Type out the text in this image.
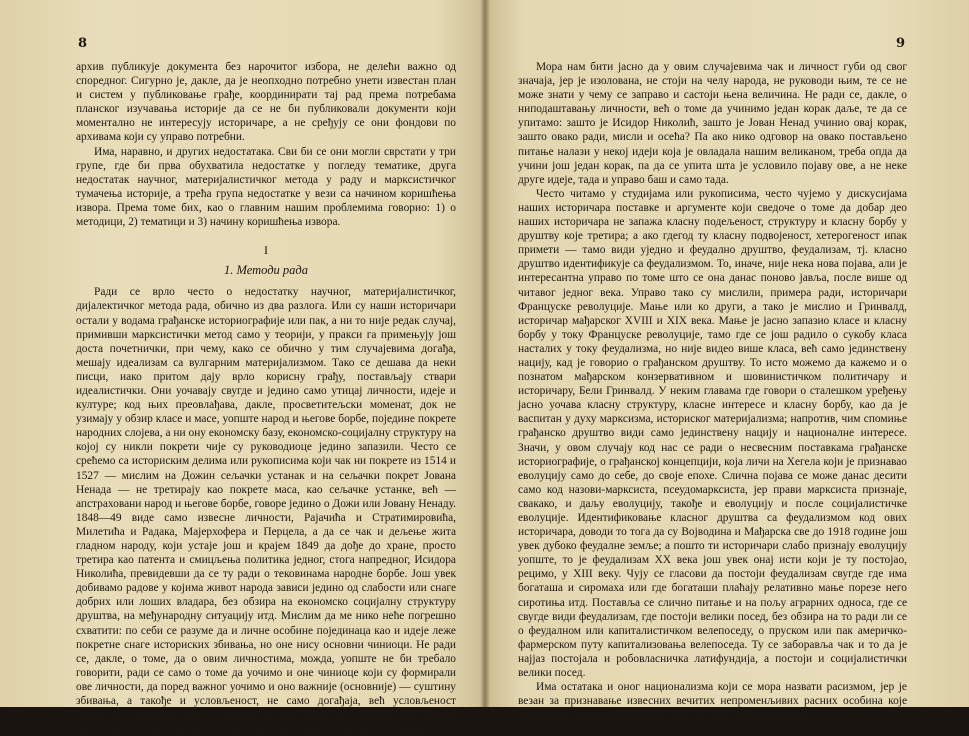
8

архив публикује документа без нарочитог избора, не делећи важно од споредног. Сигурно је, дакле, да је неопходно потребно унети известан план и систем у публиковање грађе, координирати тај рад према потребама планског изучавања историје да се не би публиковали документи који моментално не интересују историчаре, а не сређују се они фондови по архивама који су управо потребни.

Има, наравно, и других недостатака. Сви би се они могли сврстати у три групе, где би прва обухватила недостатке у погледу тематике, друга недостатак научног, материјалистичког метода у раду и марксистичког тумачења историје, а трећа група недостатке у вези са начином коришћења извора. Према томе бих, као о главним нашим проблемима говорио: 1) о методици, 2) тематици и 3) начину коришћења извора.

I
1. Методи рада

Ради се врло често о недостатку научног, материјалистичког, дијалектичког метода рада, обично из два разлога. Или су наши историчари остали у водама грађанске историографије или пак, а ни то није редак случај, примивши марксистички метод само у теорији, у пракси га примењују још доста почетнички, при чему, како се обично у тим случајевима догађа, мешају идеализам са вулгарним материјализмом. Тако се дешава да неки писци, иако притом дају врло корисну грађу, постављају ствари идеалистички. Они уочавају свугде и једино само утицај личности, идеје и културе; код њих преовлађава, дакле, просветитељски моменат, док не узимају у обзир класе и масе, уопште народ и његове борбе, поједине покрете народних слојева, а ни ону економску базу, економско-социјалну структуру на којој су никли покрети чије су руководиоце једино запазили. Често се срећемо са историским делима или рукописима који чак ни покрете из 1514 и 1527 — мислим на Дожин сељачки устанак и на сељачки покрет Јована Ненада — не третирају као покрете маса, као сељачке устанке, већ — апстраховани народ и његове борбе, говоре једино о Дожи или Јовану Ненаду. 1848—49 виде само извесне личности, Рајачића и Стратимировића, Милетића и Радака, Мајерхофера и Перцела, а да се чак и дељење жита гладном народу, који устаје још и крајем 1849 да дође до хране, просто третира као патента и смицљења политика једног, стога напредног, Исидора Николића, превидевши да се ту ради о тековинама народне борбе. Још увек добивамо радове у којима живот народа зависи једино од слабости или снаге добрих или лоших владара, без обзира на економско социјалну структуру друштва, на међународну ситуацију итд. Мислим да ме нико неће погрешно схватити: по себи се разуме да и личне особине појединаца као и идеје леже покретне снаге историских збивања, но оне нису основни чиниоци. Не ради се, дакле, о томе, да о овим личностима, можда, уопште не би требало говорити, ради се само о томе да уочимо и оне чиниоце који су формирали ове личности, да поред важног уочимо и оно важније (основније) — суштину збивања, а такође и условљеност, не само догађаја, већ условљеност личности. Међутим, често се дешава да оне личности у споменутим делима нису ничим условљене. Напротив, оне условљавају и одређују збивања.

9

Мора нам бити јасно да у овим случајевима чак и личност губи од свог значаја, јер је изолована, не стоји на челу народа, не руководи њим, те се не може знати у чему се заправо и састоји њена величина. Не ради се, дакле, о ниподаштавању личности, већ о томе да учинимо један корак даље, те да се упитамо: зашто је Исидор Николић, зашто је Јован Ненад учинио овај корак, зашто овако ради, мисли и осећа? Па ако нико одговор на овако постављено питање налази у некој идеји која је овладала нашим великаном, треба опда да учини још један корак, па да се упита шта је условило појаву ове, а не неке друге идеје, тада и управо баш и само тада.

Често читамо у студијама или рукописима, често чујемо у дискусијама наших историчара поставке и аргументе који сведоче о томе да добар део наших историчара не запажа класну подељеност, структуру и класну борбу у друштву које третира; а ако гдегод ту класну подвојеност, хетерогеност ипак примети — тамо види уједно и феудално друштво, феудализам, тј. класно друштво идентификује са феудализмом. То, иначе, није нека нова појава, али је интересантна управо по томе што се она данас поново јавља, после више од читавог једног века. Управо тако су мислили, примера ради, историчари Француске револуције. Мање или ко други, а тако је мислио и Гринвалд, историчар мађарског XVIII и XIX века. Мање је јасно запазио класе и класну борбу у току Француске револуције, тамо где се још радило о сукобу класа насталих у току феудализма, но није видео више класа, већ само јединствену нацију, кад је говорио о грађанском друштву. То исто можемо да кажемо и о познатом мађарском конзервативном и шовинистичком политичару и историчару, Бели Гринвалд. У неким главама где говори о сталешком уређењу јасно уочава класну структуру, класне интересе и класну борбу, као да је васпитан у духу марксизма, историског материјализма; напротив, чим спомиње грађанско друштво види само јединствену нацију и националне интересе. Значи, у овом случају код нас се ради о несвесним поставкама грађанске историографије, о грађанској концепцији, која личи на Хегела који је признавао еволуцију само до себе, до своје епохе. Слична појава се може данас десити само код назови-марксиста, псеудомарксиста, јер прави марксиста признаје, свакако, и даљу еволуцију, такође и еволуцију и после социјалистичке еволуције. Идентификовање класног друштва са феудализмом код ових историчара, доводи то тога да су Војводина и Мађарска све до 1918 године још увек дубоко феудалне земље; а пошто ти историчари слабо признају еволуцију уопште, то је феудализам XX века још увек онај исти који је ту постојао, рецимо, у XIII веку. Чују се гласови да постоји феудализам свугде где има богаташа и сиромаха или где богаташи плаћају релативно мање порезе него сиротиња итд. Поставља се слично питање и на пољу аграрних односа, где се свугде види феудализам, где постоји велики посед, без обзира на то ради ли се о феудалном или капиталистичком велепоседу, о пруском или пак америчко-фармерском путу капитализовања велепоседа. Ту се заборавља чак и то да је најјаз постојала и робовласничка латифундија, а постоји и социјалистички велики посед.

Има остатака и оног национализма који се мора назвати расизмом, јер је везан за признавање извесних вечитих непроменљивих расних особина које формирају историска збивања, које утичу на непроменљиви
